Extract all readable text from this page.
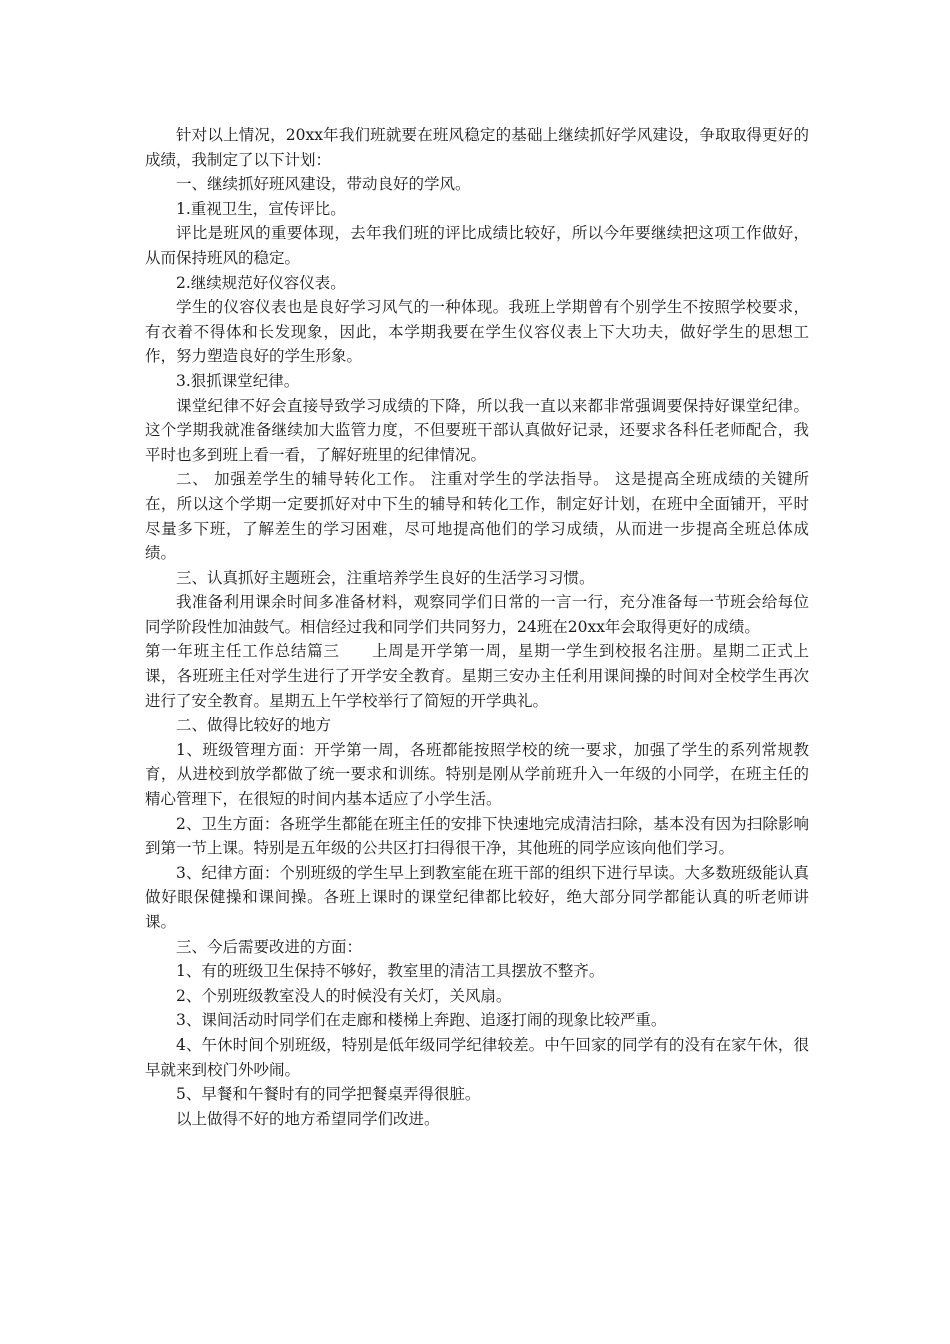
针对以上情况，20xx年我们班就要在班风稳定的基础上继续抓好学风建设，争取取得更好的成绩，我制定了以下计划：

一、继续抓好班风建设，带动良好的学风。

1.重视卫生，宣传评比。

评比是班风的重要体现，去年我们班的评比成绩比较好，所以今年要继续把这项工作做好，从而保持班风的稳定。

2.继续规范好仪容仪表。

学生的仪容仪表也是良好学习风气的一种体现。我班上学期曾有个别学生不按照学校要求，有衣着不得体和长发现象，因此，本学期我要在学生仪容仪表上下大功夫，做好学生的思想工作，努力塑造良好的学生形象。

3.狠抓课堂纪律。

课堂纪律不好会直接导致学习成绩的下降，所以我一直以来都非常强调要保持好课堂纪律。这个学期我就准备继续加大监管力度，不但要班干部认真做好记录，还要求各科任老师配合，我平时也多到班上看一看，了解好班里的纪律情况。

二、 加强差学生的辅导转化工作。 注重对学生的学法指导。 这是提高全班成绩的关键所在，所以这个学期一定要抓好对中下生的辅导和转化工作，制定好计划，在班中全面铺开，平时尽量多下班，了解差生的学习困难，尽可地提高他们的学习成绩，从而进一步提高全班总体成绩。

三、认真抓好主题班会，注重培养学生良好的生活学习习惯。

我准备利用课余时间多准备材料，观察同学们日常的一言一行，充分准备每一节班会给每位同学阶段性加油鼓气。相信经过我和同学们共同努力，24班在20xx年会取得更好的成绩。

第一年班主任工作总结篇三　　上周是开学第一周，星期一学生到校报名注册。星期二正式上课，各班班主任对学生进行了开学安全教育。星期三安办主任利用课间操的时间对全校学生再次进行了安全教育。星期五上午学校举行了简短的开学典礼。

二、做得比较好的地方

1、班级管理方面：开学第一周，各班都能按照学校的统一要求，加强了学生的系列常规教育，从进校到放学都做了统一要求和训练。特别是刚从学前班升入一年级的小同学，在班主任的精心管理下，在很短的时间内基本适应了小学生活。

2、卫生方面：各班学生都能在班主任的安排下快速地完成清洁扫除，基本没有因为扫除影响到第一节上课。特别是五年级的公共区打扫得很干净，其他班的同学应该向他们学习。

3、纪律方面：个别班级的学生早上到教室能在班干部的组织下进行早读。大多数班级能认真做好眼保健操和课间操。各班上课时的课堂纪律都比较好，绝大部分同学都能认真的听老师讲课。

三、今后需要改进的方面：

1、有的班级卫生保持不够好，教室里的清洁工具摆放不整齐。

2、个别班级教室没人的时候没有关灯，关风扇。

3、课间活动时同学们在走廊和楼梯上奔跑、追逐打闹的现象比较严重。

4、午休时间个别班级，特别是低年级同学纪律较差。中午回家的同学有的没有在家午休，很早就来到校门外吵闹。

5、早餐和午餐时有的同学把餐桌弄得很脏。

以上做得不好的地方希望同学们改进。
